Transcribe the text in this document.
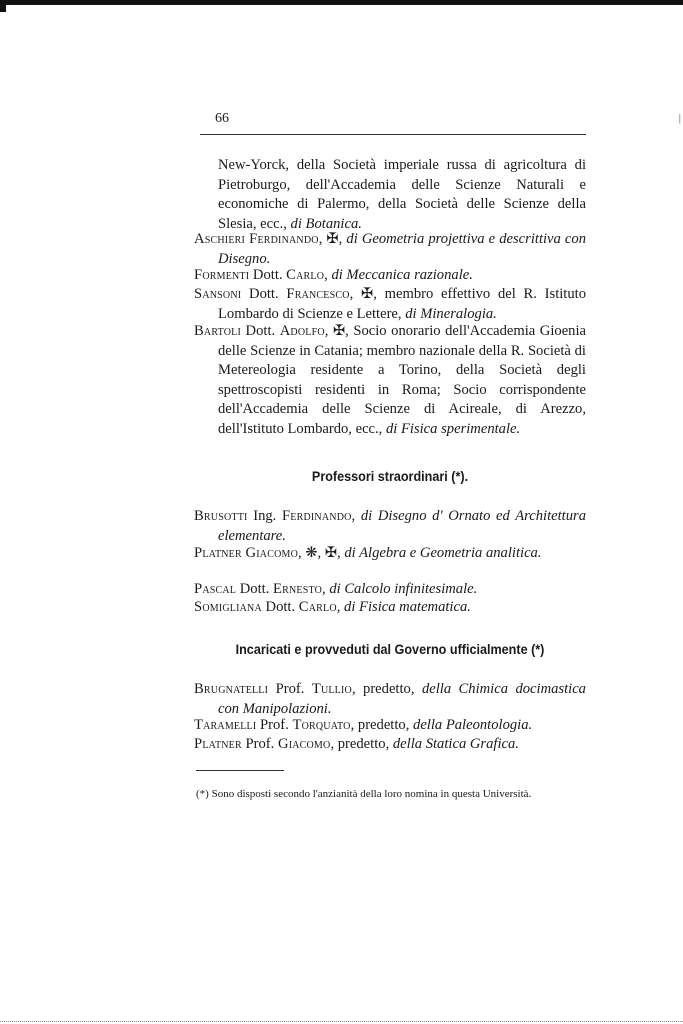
|
66
New-Yorck, della Società imperiale russa di agricoltura di Pietroburgo, dell'Accademia delle Scienze Naturali e economiche di Palermo, della Società delle Scienze della Slesia, ecc., di Botanica.
Aschieri Ferdinando, ✠, di Geometria projettiva e descrittiva con Disegno.
Formenti Dott. Carlo, di Meccanica razionale.
Sansoni Dott. Francesco, ✠, membro effettivo del R. Istituto Lombardo di Scienze e Lettere, di Mineralogia.
Bartoli Dott. Adolfo, ✠, Socio onorario dell'Accademia Gioenia delle Scienze in Catania; membro nazionale della R. Società di Metereologia residente a Torino, della Società degli spettroscopisti residenti in Roma; Socio corrispondente dell'Accademia delle Scienze di Acireale, di Arezzo, dell'Istituto Lombardo, ecc., di Fisica sperimentale.
Professori straordinari (*).
Brusotti Ing. Ferdinando, di Disegno d' Ornato ed Architettura elementare.
Platner Giacomo, ❋, ✠, di Algebra e Geometria analitica.
Pascal Dott. Ernesto, di Calcolo infinitesimale.
Somigliana Dott. Carlo, di Fisica matematica.
Incaricati e provveduti dal Governo ufficialmente (*)
Brugnatelli Prof. Tullio, predetto, della Chimica docimastica con Manipolazioni.
Taramelli Prof. Torquato, predetto, della Paleontologia.
Platner Prof. Giacomo, predetto, della Statica Grafica.
(*) Sono disposti secondo l'anzianità della loro nomina in questa Università.
